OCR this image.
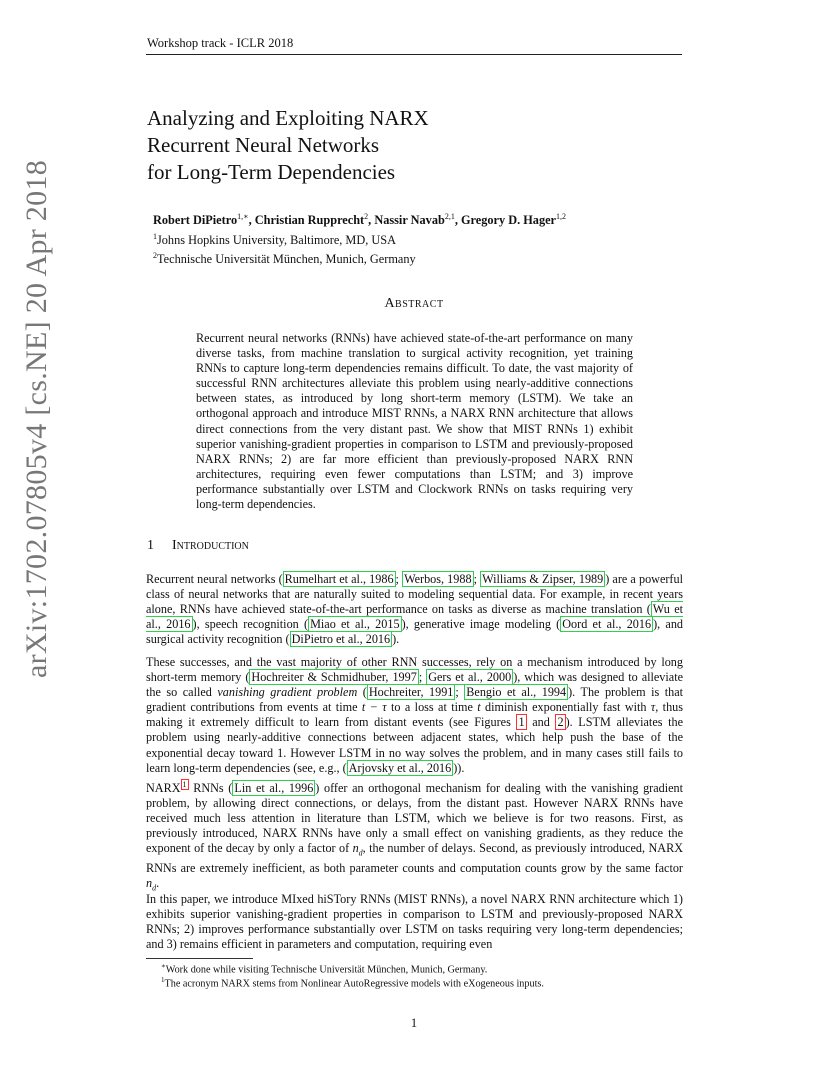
Workshop track - ICLR 2018
arXiv:1702.07805v4 [cs.NE] 20 Apr 2018
Analyzing and Exploiting NARX
Recurrent Neural Networks
for Long-Term Dependencies
Robert DiPietro$^{1,∗}$, Christian Rupprecht$^2$, Nassir Navab$^{2,1}$, Gregory D. Hager$^{1,2}$
$^1$Johns Hopkins University, Baltimore, MD, USA
$^2$Technische Universität München, Munich, Germany
Abstract
Recurrent neural networks (RNNs) have achieved state-of-the-art performance on many diverse tasks, from machine translation to surgical activity recognition, yet training RNNs to capture long-term dependencies remains difficult. To date, the vast majority of successful RNN architectures alleviate this problem using nearly-additive connections between states, as introduced by long short-term memory (LSTM). We take an orthogonal approach and introduce MIST RNNs, a NARX RNN architecture that allows direct connections from the very distant past. We show that MIST RNNs 1) exhibit superior vanishing-gradient properties in comparison to LSTM and previously-proposed NARX RNNs; 2) are far more efficient than previously-proposed NARX RNN architectures, requiring even fewer computations than LSTM; and 3) improve performance substantially over LSTM and Clockwork RNNs on tasks requiring very long-term dependencies.
1 Introduction
Recurrent neural networks ( Rumelhart et al., 1986 ; Werbos, 1988 ; Williams & Zipser, 1989 ) are a powerful class of neural networks that are naturally suited to modeling sequential data. For example, in recent years alone, RNNs have achieved state-of-the-art performance on tasks as diverse as machine translation ( Wu et al., 2016 ), speech recognition ( Miao et al., 2015 ), generative image modeling ( Oord et al., 2016 ), and surgical activity recognition ( DiPietro et al., 2016 ).
These successes, and the vast majority of other RNN successes, rely on a mechanism introduced by long short-term memory ( Hochreiter & Schmidhuber, 1997 ; Gers et al., 2000 ), which was designed to alleviate the so called vanishing gradient problem ( Hochreiter, 1991 ; Bengio et al., 1994 ). The problem is that gradient contributions from events at time t − τ to a loss at time t diminish exponentially fast with τ, thus making it extremely difficult to learn from distant events (see Figures 1 and 2 ). LSTM alleviates the problem using nearly-additive connections between adjacent states, which help push the base of the exponential decay toward 1. However LSTM in no way solves the problem, and in many cases still fails to learn long-term dependencies (see, e.g., ( Arjovsky et al., 2016 )).
NARX $^1$ RNNs ( Lin et al., 1996 ) offer an orthogonal mechanism for dealing with the vanishing gradient problem, by allowing direct connections, or delays, from the distant past. However NARX RNNs have received much less attention in literature than LSTM, which we believe is for two reasons. First, as previously introduced, NARX RNNs have only a small effect on vanishing gradients, as they reduce the exponent of the decay by only a factor of $n_d$, the number of delays. Second, as previously introduced, NARX RNNs are extremely inefficient, as both parameter counts and computation counts grow by the same factor $n_d$.
In this paper, we introduce MIxed hiSTory RNNs (MIST RNNs), a novel NARX RNN architecture which 1) exhibits superior vanishing-gradient properties in comparison to LSTM and previously-proposed NARX RNNs; 2) improves performance substantially over LSTM on tasks requiring very long-term dependencies; and 3) remains efficient in parameters and computation, requiring even
∗Work done while visiting Technische Universität München, Munich, Germany.
$^1$The acronym NARX stems from Nonlinear AutoRegressive models with eXogeneous inputs.
1
